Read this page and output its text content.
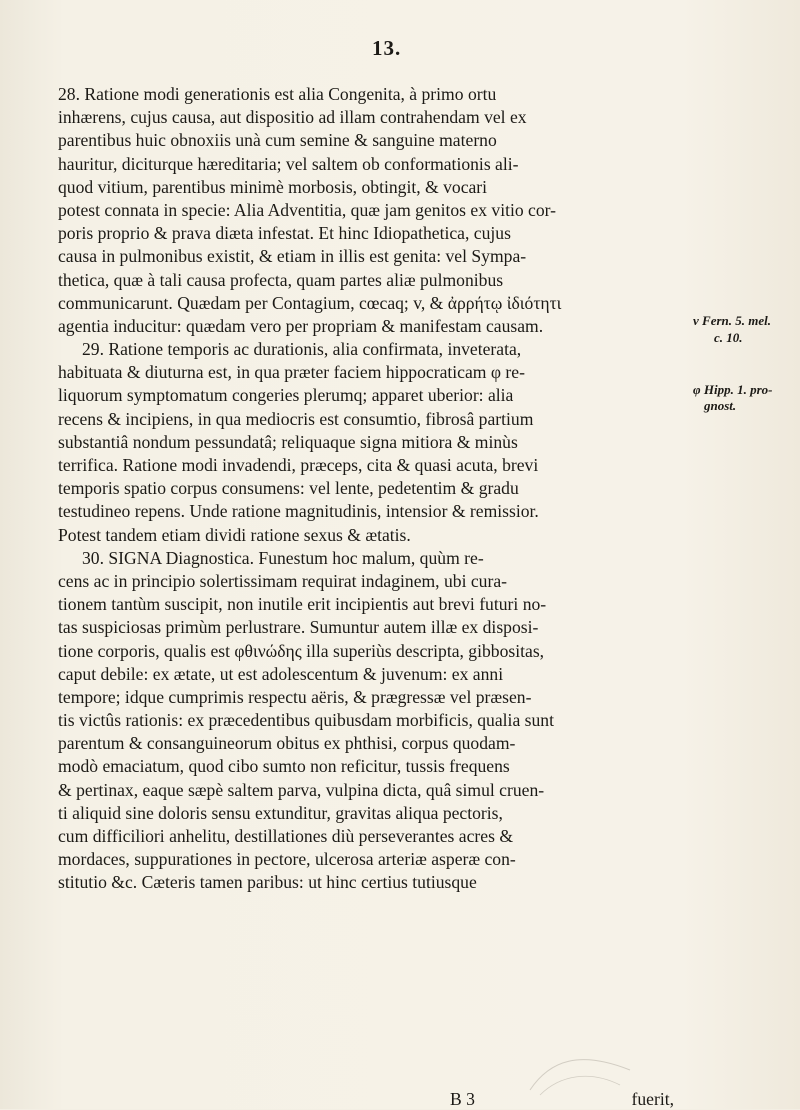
13.
28. Ratione modi generationis est alia Congenita, à primo ortu
inhærens, cujus causa, aut dispositio ad illam contrahendam vel ex
parentibus huic obnoxiis unà cum semine & sanguine materno
hauritur, diciturque hæreditaria; vel saltem ob conformationis ali-
quod vitium, parentibus minimè morbosis, obtingit, & vocari
potest connata in specie: Alia Adventitia, quæ jam genitos ex vitio cor-
poris proprio & prava diæta infestat. Et hinc Idiopathetica, cujus
causa in pulmonibus existit, & etiam in illis est genita: vel Sympa-
thetica, quæ à tali causa profecta, quam partes aliæ pulmonibus
communicarunt. Quædam per Contagium, cœcaq; v, & ἀρρήτῳ ἰδιότητι
agentia inducitur: quædam vero per propriam & manifestam causam.
29. Ratione temporis ac durationis, alia confirmata, inveterata,
habituata & diuturna est, in qua præter faciem hippocraticam φ re-
liquorum symptomatum congeries plerumq; apparet uberior: alia
recens & incipiens, in qua mediocris est consumtio, fibrosâ partium
substantiâ nondum pessundatâ; reliquaque signa mitiora & minùs
terrifica. Ratione modi invadendi, præceps, cita & quasi acuta, brevi
temporis spatio corpus consumens: vel lente, pedetentim & gradu
testudineo repens. Unde ratione magnitudinis, intensior & remissior.
Potest tandem etiam dividi ratione sexus & ætatis.
30. SIGNA Diagnostica. Funestum hoc malum, quùm re-
cens ac in principio solertissimam requirat indaginem, ubi cura-
tionem tantùm suscipit, non inutile erit incipientis aut brevi futuri no-
tas suspiciosas primùm perlustrare. Sumuntur autem illæ ex disposi-
tione corporis, qualis est φθινώδης illa superiùs descripta, gibbositas,
caput debile: ex ætate, ut est adolescentum & juvenum: ex anni
tempore; idque cumprimis respectu aëris, & prægressæ vel præsen-
tis victûs rationis: ex præcedentibus quibusdam morbificis, qualia sunt
parentum & consanguineorum obitus ex phthisi, corpus quodam-
modò emaciatum, quod cibo sumto non reficitur, tussis frequens
& pertinax, eaque sæpè saltem parva, vulpina dicta, quâ simul cruen-
ti aliquid sine doloris sensu extunditur, gravitas aliqua pectoris,
cum difficiliori anhelitu, destillationes diù perseverantes acres &
mordaces, suppurationes in pectore, ulcerosa arteriæ asperæ con-
stitutio &c. Cæteris tamen paribus: ut hinc certius tutiusque
B 3	fuerit,
v Fern. 5. mel.
c. 10.
φ Hipp. 1. pro-
gnost.
